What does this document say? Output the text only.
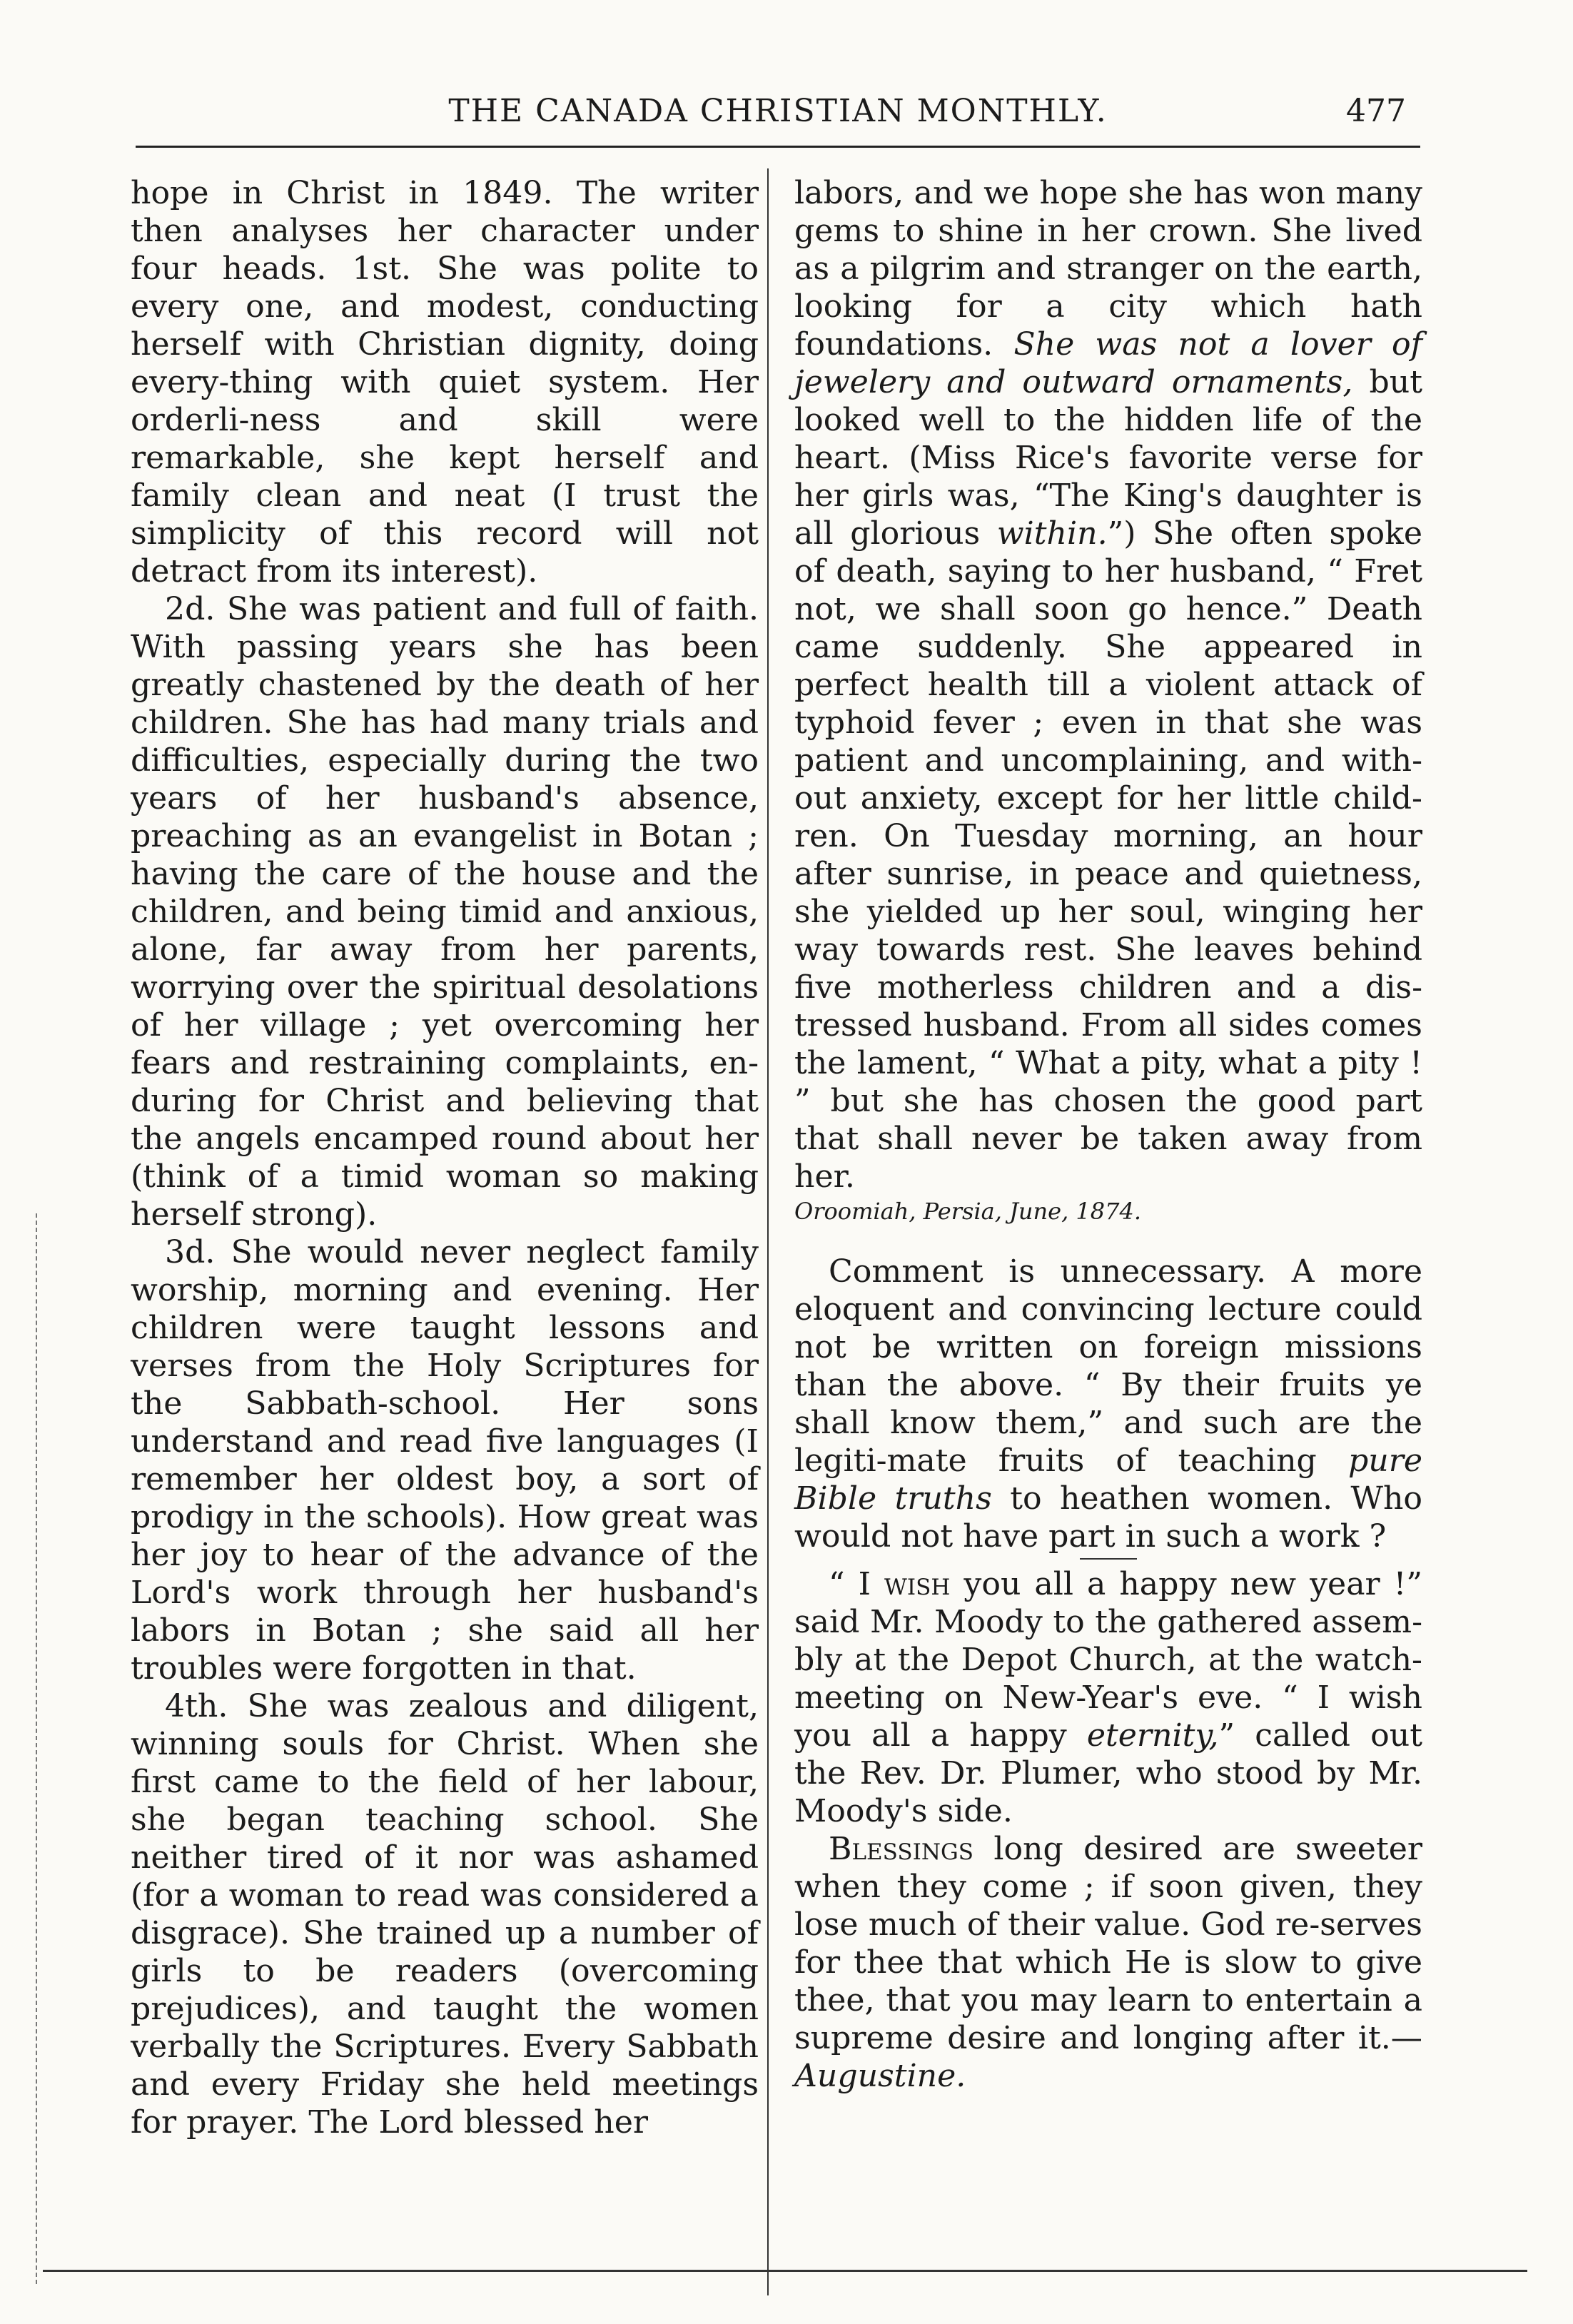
THE CANADA CHRISTIAN MONTHLY.	477

hope in Christ in 1849. The writer then analyses her character under four heads. 1st. She was polite to every one, and modest, conducting herself with Christian dignity, doing every-thing with quiet system. Her orderli-ness and skill were remarkable, she kept herself and family clean and neat (I trust the simplicity of this record will not detract from its interest).

2d. She was patient and full of faith. With passing years she has been greatly chastened by the death of her children. She has had many trials and difficulties, especially during the two years of her husband's absence, preaching as an evangelist in Botan ; having the care of the house and the children, and being timid and anxious, alone, far away from her parents, worrying over the spiritual desolations of her village ; yet overcoming her fears and restraining complaints, en-during for Christ and believing that the angels encamped round about her (think of a timid woman so making herself strong).

3d. She would never neglect family worship, morning and evening. Her children were taught lessons and verses from the Holy Scriptures for the Sabbath-school. Her sons understand and read five languages (I remember her oldest boy, a sort of prodigy in the schools). How great was her joy to hear of the advance of the Lord's work through her husband's labors in Botan ; she said all her troubles were forgotten in that.

4th. She was zealous and diligent, winning souls for Christ. When she first came to the field of her labour, she began teaching school. She neither tired of it nor was ashamed (for a woman to read was considered a disgrace). She trained up a number of girls to be readers (overcoming prejudices), and taught the women verbally the Scriptures. Every Sabbath and every Friday she held meetings for prayer. The Lord blessed her

labors, and we hope she has won many gems to shine in her crown. She lived as a pilgrim and stranger on the earth, looking for a city which hath foundations. She was not a lover of jewelery and outward ornaments, but looked well to the hidden life of the heart. (Miss Rice's favorite verse for her girls was, “The King's daughter is all glorious within.”) She often spoke of death, saying to her husband, “ Fret not, we shall soon go hence.” Death came suddenly. She appeared in perfect health till a violent attack of typhoid fever ; even in that she was patient and uncomplaining, and with-out anxiety, except for her little child-ren. On Tuesday morning, an hour after sunrise, in peace and quietness, she yielded up her soul, winging her way towards rest. She leaves behind five motherless children and a dis-tressed husband. From all sides comes the lament, “ What a pity, what a pity ! ” but she has chosen the good part that shall never be taken away from her.

Oroomiah, Persia, June, 1874.

Comment is unnecessary. A more eloquent and convincing lecture could not be written on foreign missions than the above. “ By their fruits ye shall know them,” and such are the legiti-mate fruits of teaching pure Bible truths to heathen women. Who would not have part in such a work ?

“ I wish you all a happy new year !” said Mr. Moody to the gathered assem-bly at the Depot Church, at the watch-meeting on New-Year's eve. “ I wish you all a happy eternity,” called out the Rev. Dr. Plumer, who stood by Mr. Moody's side.

Blessings long desired are sweeter when they come ; if soon given, they lose much of their value. God re-serves for thee that which He is slow to give thee, that you may learn to entertain a supreme desire and longing after it.—Augustine.
